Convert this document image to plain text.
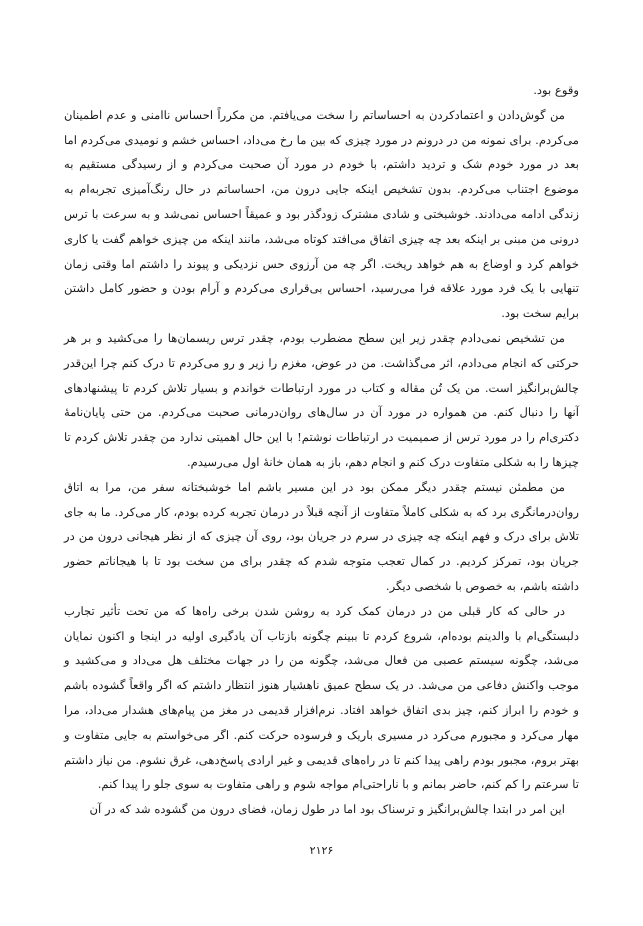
وقوع بود.

من گوش‌دادن و اعتمادکردن به احساساتم را سخت می‌یافتم. من مکرراً احساس ناامنی و عدم اطمینان می‌کردم. برای نمونه من در درونم در مورد چیزی که بین ما رخ می‌داد، احساس خشم و نومیدی می‌کردم اما بعد در مورد خودم شک و تردید داشتم، با خودم در مورد آن صحبت می‌کردم و از رسیدگی مستقیم به موضوع اجتناب می‌کردم. بدون تشخیص اینکه جایی درون من، احساساتم در حال رنگ‌آمیزی تجربه‌ام به زندگی ادامه می‌دادند. خوشبختی و شادی مشترک زودگذر بود و عمیقاً احساس نمی‌شد و به سرعت با ترس درونی من مبنی بر اینکه بعد چه چیزی اتفاق می‌افتد کوتاه می‌شد، مانند اینکه من چیزی خواهم گفت یا کاری خواهم کرد و اوضاع به هم خواهد ریخت. اگر چه من آرزوی حس نزدیکی و پیوند را داشتم اما وقتی زمان تنهایی با یک فرد مورد علاقه فرا می‌رسید، احساس بی‌قراری می‌کردم و آرام بودن و حضور کامل داشتن برایم سخت بود.

من تشخیص نمی‌دادم چقدر زیر این سطح مضطرب بودم، چقدر ترس ریسمان‌ها را می‌کشید و بر هر حرکتی که انجام می‌دادم، اثر می‌گذاشت. من در عوض، مغزم را زیر و رو می‌کردم تا درک کنم چرا این‌قدر چالش‌برانگیز است. من یک تُن مقاله و کتاب در مورد ارتباطات خواندم و بسیار تلاش کردم تا پیشنهادهای آنها را دنبال کنم. من همواره در مورد آن در سال‌های روان‌درمانی صحبت می‌کردم. من حتی پایان‌نامهٔ دکتری‌ام را در مورد ترس از صمیمیت در ارتباطات نوشتم! با این حال اهمیتی ندارد من چقدر تلاش کردم تا چیزها را به شکلی متفاوت درک کنم و انجام دهم، باز به همان خانهٔ اول می‌رسیدم.

من مطمئن نیستم چقدر دیگر ممکن بود در این مسیر باشم اما خوشبختانه سفر من، مرا به اتاق روان‌درمانگری برد که به شکلی کاملاً متفاوت از آنچه قبلاً در درمان تجربه کرده بودم، کار می‌کرد. ما به جای تلاش برای درک و فهم اینکه چه چیزی در سرم در جریان بود، روی آن چیزی که از نظر هیجانی درون من در جریان بود، تمرکز کردیم. در کمال تعجب متوجه شدم که چقدر برای من سخت بود تا با هیجاناتم حضور داشته باشم، به خصوص با شخصی دیگر.

در حالی که کار قبلی من در درمان کمک کرد به روشن شدن برخی راه‌ها که من تحت تأثیر تجارب دلبستگی‌ام با والدینم بوده‌ام، شروع کردم تا ببینم چگونه بازتاب آن یادگیری اولیه در اینجا و اکنون نمایان می‌شد، چگونه سیستم عصبی من فعال می‌شد، چگونه من را در جهات مختلف هل می‌داد و می‌کشید و موجب واکنش دفاعی من می‌شد. در یک سطح عمیق ناهشیار هنوز انتظار داشتم که اگر واقعاً گشوده باشم و خودم را ابراز کنم، چیز بدی اتفاق خواهد افتاد. نرم‌افزار قدیمی در مغز من پیام‌های هشدار می‌داد، مرا مهار می‌کرد و مجبورم می‌کرد در مسیری باریک و فرسوده حرکت کنم. اگر می‌خواستم به جایی متفاوت و بهتر بروم، مجبور بودم راهی پیدا کنم تا در راه‌های قدیمی و غیر ارادی پاسخ‌دهی، غرق نشوم. من نیاز داشتم تا سرعتم را کم کنم، حاضر بمانم و با ناراحتی‌ام مواجه شوم و راهی متفاوت به سوی جلو را پیدا کنم.

این امر در ابتدا چالش‌برانگیز و ترسناک بود اما در طول زمان، فضای درون من گشوده شد که در آن

۲۱۲۶
